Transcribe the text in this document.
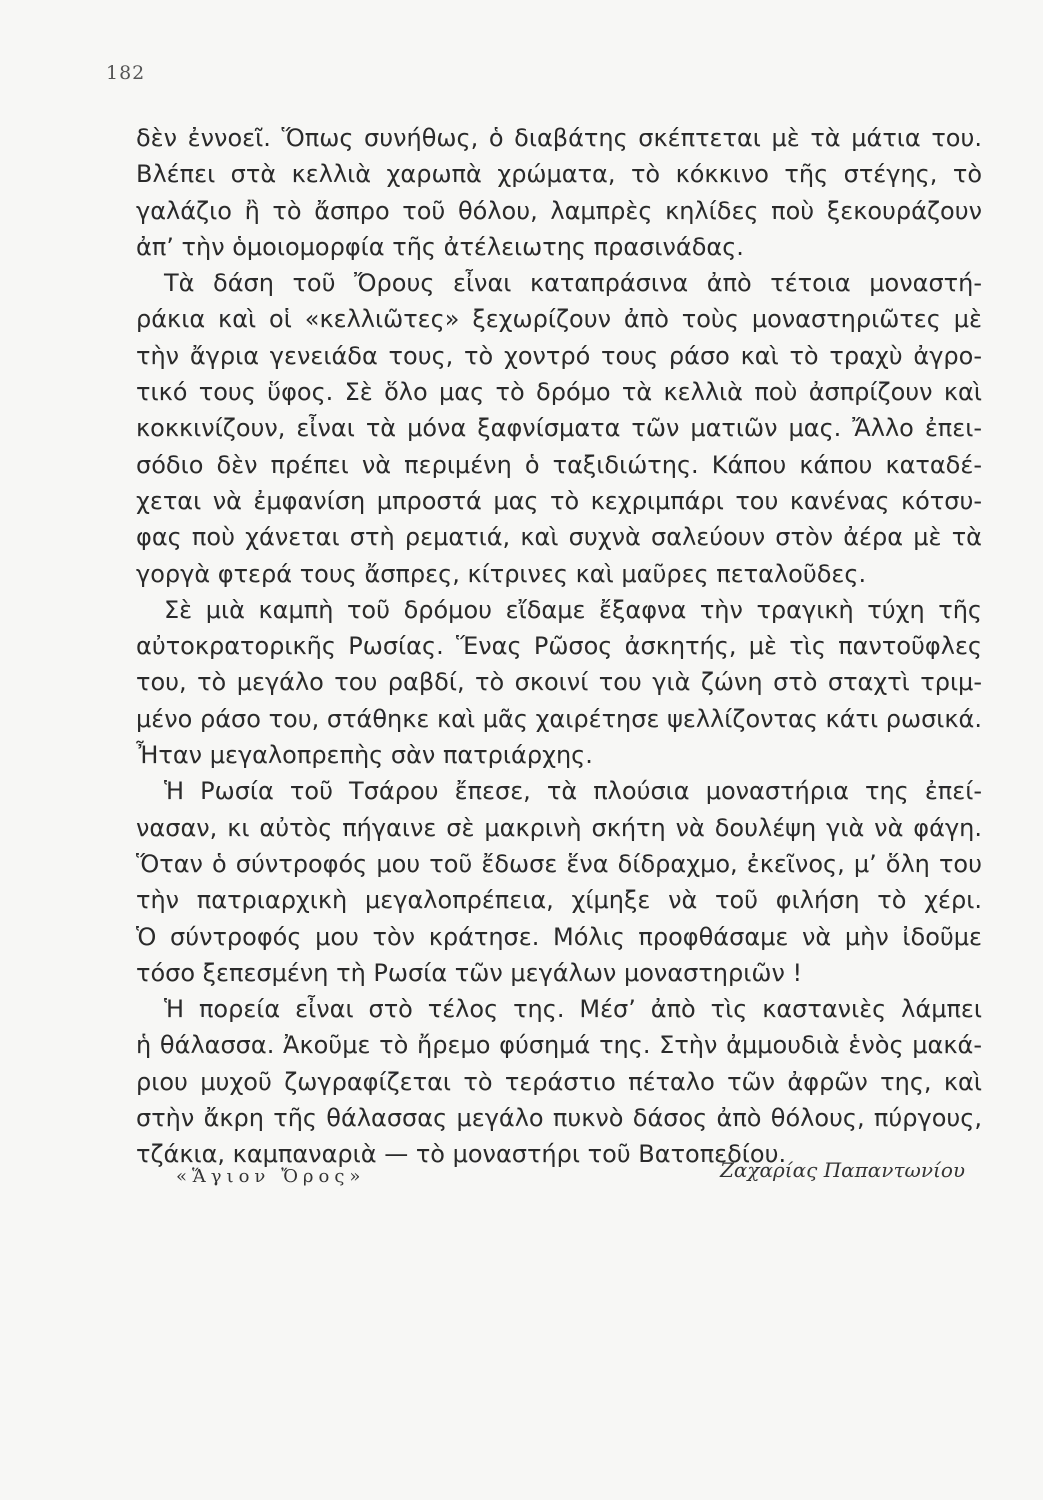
182
δὲν ἐννοεῖ. Ὅπως συνήθως, ὁ διαβάτης σκέπτεται μὲ τὰ μάτια του.
Βλέπει στὰ κελλιὰ χαρωπὰ χρώματα, τὸ κόκκινο τῆς στέγης, τὸ
γαλάζιο ἢ τὸ ἄσπρο τοῦ θόλου, λαμπρὲς κηλίδες ποὺ ξεκουράζουν
ἀπ’ τὴν ὁμοιομορφία τῆς ἀτέλειωτης πρασινάδας.
Τὰ δάση τοῦ Ὄρους εἶναι καταπράσινα ἀπὸ τέτοια μοναστή-
ράκια καὶ οἱ «κελλιῶτες» ξεχωρίζουν ἀπὸ τοὺς μοναστηριῶτες μὲ
τὴν ἄγρια γενειάδα τους, τὸ χοντρό τους ράσο καὶ τὸ τραχὺ ἀγρο-
τικό τους ὕφος. Σὲ ὅλο μας τὸ δρόμο τὰ κελλιὰ ποὺ ἀσπρίζουν καὶ
κοκκινίζουν, εἶναι τὰ μόνα ξαφνίσματα τῶν ματιῶν μας. Ἄλλο ἐπει-
σόδιο δὲν πρέπει νὰ περιμένη ὁ ταξιδιώτης. Κάπου κάπου καταδέ-
χεται νὰ ἐμφανίση μπροστά μας τὸ κεχριμπάρι του κανένας κότσυ-
φας ποὺ χάνεται στὴ ρεματιά, καὶ συχνὰ σαλεύουν στὸν ἀέρα μὲ τὰ
γοργὰ φτερά τους ἄσπρες, κίτρινες καὶ μαῦρες πεταλοῦδες.
Σὲ μιὰ καμπὴ τοῦ δρόμου εἴδαμε ἔξαφνα τὴν τραγικὴ τύχη τῆς
αὐτοκρατορικῆς Ρωσίας. Ἕνας Ρῶσος ἀσκητής, μὲ τὶς παντοῦφλες
του, τὸ μεγάλο του ραβδί, τὸ σκοινί του γιὰ ζώνη στὸ σταχτὶ τριμ-
μένο ράσο του, στάθηκε καὶ μᾶς χαιρέτησε ψελλίζοντας κάτι ρωσικά.
Ἦταν μεγαλοπρεπὴς σὰν πατριάρχης.
Ἡ Ρωσία τοῦ Τσάρου ἔπεσε, τὰ πλούσια μοναστήρια της ἐπεί-
νασαν, κι αὐτὸς πήγαινε σὲ μακρινὴ σκήτη νὰ δουλέψη γιὰ νὰ φάγη.
Ὅταν ὁ σύντροφός μου τοῦ ἔδωσε ἕνα δίδραχμο, ἐκεῖνος, μ’ ὅλη του
τὴν πατριαρχικὴ μεγαλοπρέπεια, χίμηξε νὰ τοῦ φιλήση τὸ χέρι.
Ὁ σύντροφός μου τὸν κράτησε. Μόλις προφθάσαμε νὰ μὴν ἰδοῦμε
τόσο ξεπεσμένη τὴ Ρωσία τῶν μεγάλων μοναστηριῶν !
Ἡ πορεία εἶναι στὸ τέλος της. Μέσ’ ἀπὸ τὶς καστανιὲς λάμπει
ἡ θάλασσα. Ἀκοῦμε τὸ ἤρεμο φύσημά της. Στὴν ἀμμουδιὰ ἑνὸς μακά-
ριου μυχοῦ ζωγραφίζεται τὸ τεράστιο πέταλο τῶν ἀφρῶν της, καὶ
στὴν ἄκρη τῆς θάλασσας μεγάλο πυκνὸ δάσος ἀπὸ θόλους, πύργους,
τζάκια, καμπαναριὰ — τὸ μοναστήρι τοῦ Βατοπεδίου.
«Ἅγιον Ὄρος»	Ζαχαρίας Παπαντωνίου
